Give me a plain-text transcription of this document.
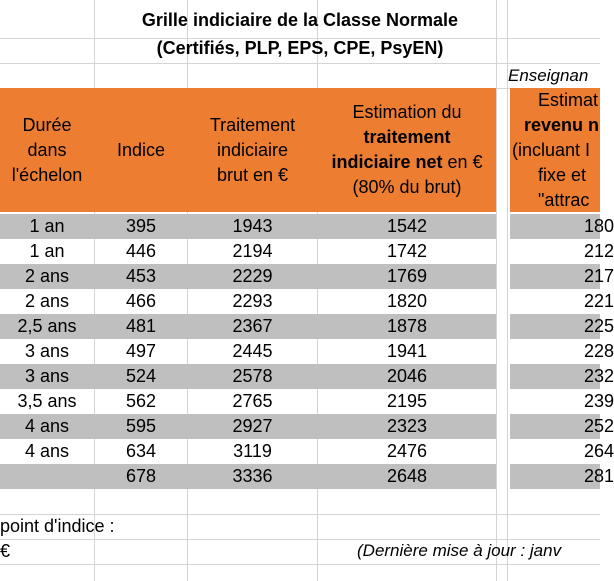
Grille indiciaire de la Classe Normale
(Certifiés, PLP, EPS, CPE, PsyEN)
Enseignan
Durée
dans
l'échelon
Indice
Traitement
indiciaire
brut en €
Estimation du
traitement
indiciaire net en €
(80% du brut)
Estimat
revenu n
(incluant I
fixe et
"attrac
1 an	395	1943	1542	180
1 an	446	2194	1742	212
2 ans	453	2229	1769	217
2 ans	466	2293	1820	221
2,5 ans	481	2367	1878	225
3 ans	497	2445	1941	228
3 ans	524	2578	2046	232
3,5 ans	562	2765	2195	239
4 ans	595	2927	2323	252
4 ans	634	3119	2476	264
678	3336	2648	281
point d'indice :
€	(Dernière mise à jour : janv
